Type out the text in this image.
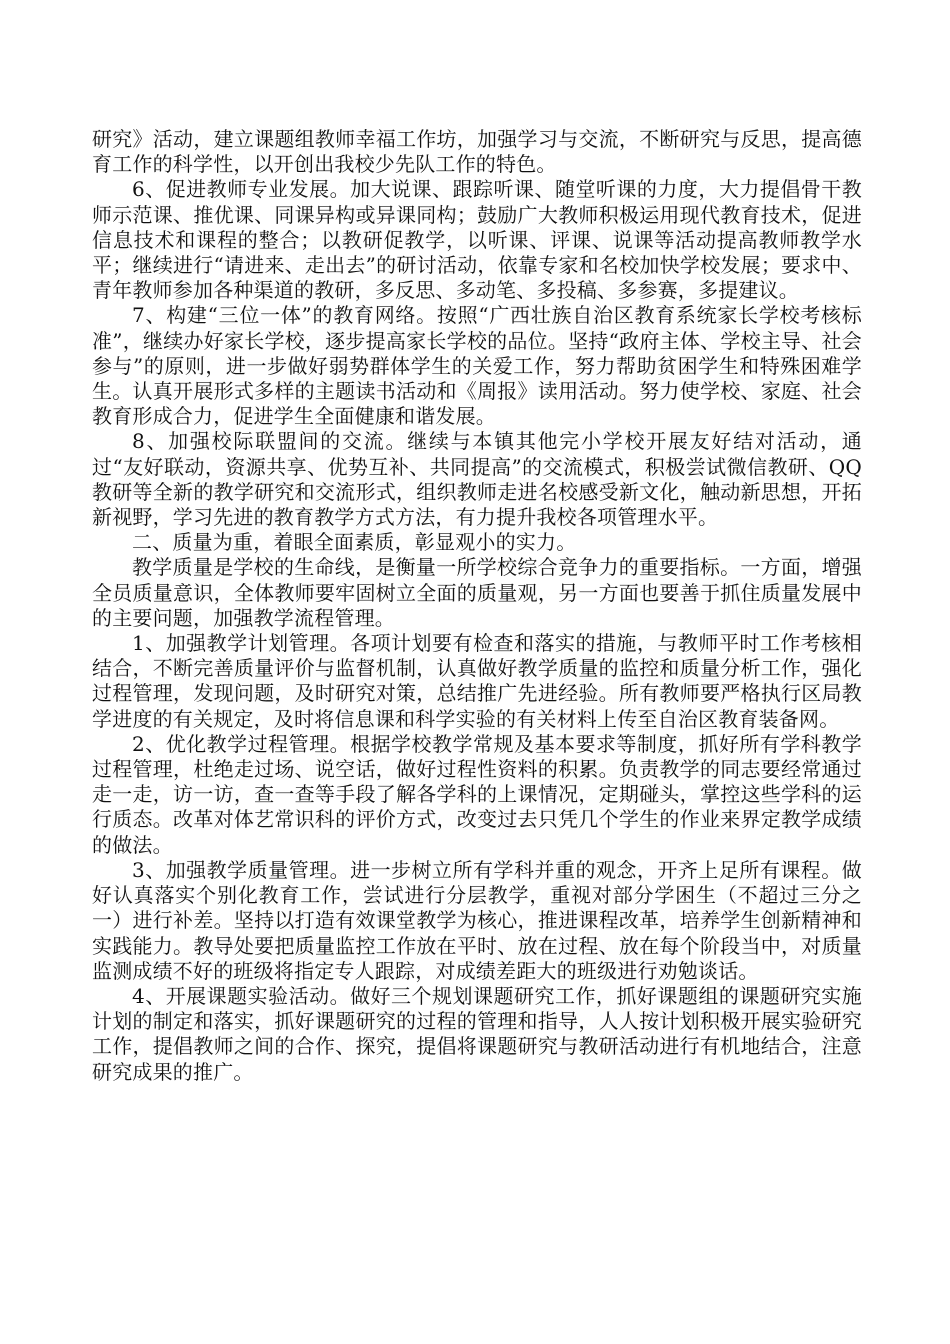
研究》活动，建立课题组教师幸福工作坊，加强学习与交流，不断研究与反思，提高德育工作的科学性，以开创出我校少先队工作的特色。

6、促进教师专业发展。加大说课、跟踪听课、随堂听课的力度，大力提倡骨干教师示范课、推优课、同课异构或异课同构；鼓励广大教师积极运用现代教育技术，促进信息技术和课程的整合；以教研促教学，以听课、评课、说课等活动提高教师教学水平；继续进行“请进来、走出去”的研讨活动，依靠专家和名校加快学校发展；要求中、青年教师参加各种渠道的教研，多反思、多动笔、多投稿、多参赛，多提建议。

7、构建“三位一体”的教育网络。按照“广西壮族自治区教育系统家长学校考核标准”，继续办好家长学校，逐步提高家长学校的品位。坚持“政府主体、学校主导、社会参与”的原则，进一步做好弱势群体学生的关爱工作，努力帮助贫困学生和特殊困难学生。认真开展形式多样的主题读书活动和《周报》读用活动。努力使学校、家庭、社会教育形成合力，促进学生全面健康和谐发展。

8、加强校际联盟间的交流。继续与本镇其他完小学校开展友好结对活动，通过“友好联动，资源共享、优势互补、共同提高”的交流模式，积极尝试微信教研、QQ教研等全新的教学研究和交流形式，组织教师走进名校感受新文化，触动新思想，开拓新视野，学习先进的教育教学方式方法，有力提升我校各项管理水平。

二、质量为重，着眼全面素质，彰显观小的实力。

教学质量是学校的生命线，是衡量一所学校综合竞争力的重要指标。一方面，增强全员质量意识，全体教师要牢固树立全面的质量观，另一方面也要善于抓住质量发展中的主要问题，加强教学流程管理。

1、加强教学计划管理。各项计划要有检查和落实的措施，与教师平时工作考核相结合，不断完善质量评价与监督机制，认真做好教学质量的监控和质量分析工作，强化过程管理，发现问题，及时研究对策，总结推广先进经验。所有教师要严格执行区局教学进度的有关规定，及时将信息课和科学实验的有关材料上传至自治区教育装备网。

2、优化教学过程管理。根据学校教学常规及基本要求等制度，抓好所有学科教学过程管理，杜绝走过场、说空话，做好过程性资料的积累。负责教学的同志要经常通过走一走，访一访，查一查等手段了解各学科的上课情况，定期碰头，掌控这些学科的运行质态。改革对体艺常识科的评价方式，改变过去只凭几个学生的作业来界定教学成绩的做法。

3、加强教学质量管理。进一步树立所有学科并重的观念，开齐上足所有课程。做好认真落实个别化教育工作，尝试进行分层教学，重视对部分学困生（不超过三分之一）进行补差。坚持以打造有效课堂教学为核心，推进课程改革，培养学生创新精神和实践能力。教导处要把质量监控工作放在平时、放在过程、放在每个阶段当中，对质量监测成绩不好的班级将指定专人跟踪，对成绩差距大的班级进行劝勉谈话。

4、开展课题实验活动。做好三个规划课题研究工作，抓好课题组的课题研究实施计划的制定和落实，抓好课题研究的过程的管理和指导，人人按计划积极开展实验研究工作，提倡教师之间的合作、探究，提倡将课题研究与教研活动进行有机地结合，注意研究成果的推广。
